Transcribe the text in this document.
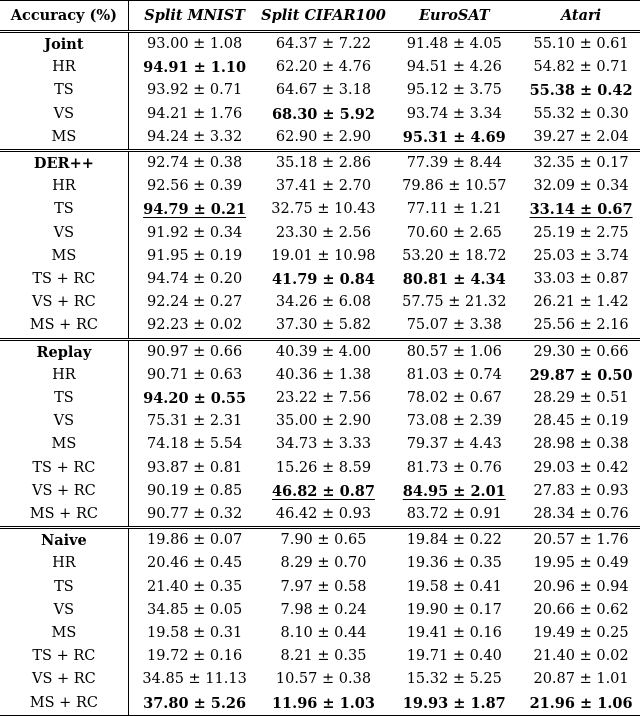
Accuracy (%)	Split MNIST	Split CIFAR100	EuroSAT	Atari
Joint	93.00 ± 1.08	64.37 ± 7.22	91.48 ± 4.05	55.10 ± 0.61
HR	94.91 ± 1.10	62.20 ± 4.76	94.51 ± 4.26	54.82 ± 0.71
TS	93.92 ± 0.71	64.67 ± 3.18	95.12 ± 3.75	55.38 ± 0.42
VS	94.21 ± 1.76	68.30 ± 5.92	93.74 ± 3.34	55.32 ± 0.30
MS	94.24 ± 3.32	62.90 ± 2.90	95.31 ± 4.69	39.27 ± 2.04
DER++	92.74 ± 0.38	35.18 ± 2.86	77.39 ± 8.44	32.35 ± 0.17
HR	92.56 ± 0.39	37.41 ± 2.70	79.86 ± 10.57	32.09 ± 0.34
TS	94.79 ± 0.21	32.75 ± 10.43	77.11 ± 1.21	33.14 ± 0.67
VS	91.92 ± 0.34	23.30 ± 2.56	70.60 ± 2.65	25.19 ± 2.75
MS	91.95 ± 0.19	19.01 ± 10.98	53.20 ± 18.72	25.03 ± 3.74
TS + RC	94.74 ± 0.20	41.79 ± 0.84	80.81 ± 4.34	33.03 ± 0.87
VS + RC	92.24 ± 0.27	34.26 ± 6.08	57.75 ± 21.32	26.21 ± 1.42
MS + RC	92.23 ± 0.02	37.30 ± 5.82	75.07 ± 3.38	25.56 ± 2.16
Replay	90.97 ± 0.66	40.39 ± 4.00	80.57 ± 1.06	29.30 ± 0.66
HR	90.71 ± 0.63	40.36 ± 1.38	81.03 ± 0.74	29.87 ± 0.50
TS	94.20 ± 0.55	23.22 ± 7.56	78.02 ± 0.67	28.29 ± 0.51
VS	75.31 ± 2.31	35.00 ± 2.90	73.08 ± 2.39	28.45 ± 0.19
MS	74.18 ± 5.54	34.73 ± 3.33	79.37 ± 4.43	28.98 ± 0.38
TS + RC	93.87 ± 0.81	15.26 ± 8.59	81.73 ± 0.76	29.03 ± 0.42
VS + RC	90.19 ± 0.85	46.82 ± 0.87	84.95 ± 2.01	27.83 ± 0.93
MS + RC	90.77 ± 0.32	46.42 ± 0.93	83.72 ± 0.91	28.34 ± 0.76
Naive	19.86 ± 0.07	7.90 ± 0.65	19.84 ± 0.22	20.57 ± 1.76
HR	20.46 ± 0.45	8.29 ± 0.70	19.36 ± 0.35	19.95 ± 0.49
TS	21.40 ± 0.35	7.97 ± 0.58	19.58 ± 0.41	20.96 ± 0.94
VS	34.85 ± 0.05	7.98 ± 0.24	19.90 ± 0.17	20.66 ± 0.62
MS	19.58 ± 0.31	8.10 ± 0.44	19.41 ± 0.16	19.49 ± 0.25
TS + RC	19.72 ± 0.16	8.21 ± 0.35	19.71 ± 0.40	21.40 ± 0.02
VS + RC	34.85 ± 11.13	10.57 ± 0.38	15.32 ± 5.25	20.87 ± 1.01
MS + RC	37.80 ± 5.26	11.96 ± 1.03	19.93 ± 1.87	21.96 ± 1.06
